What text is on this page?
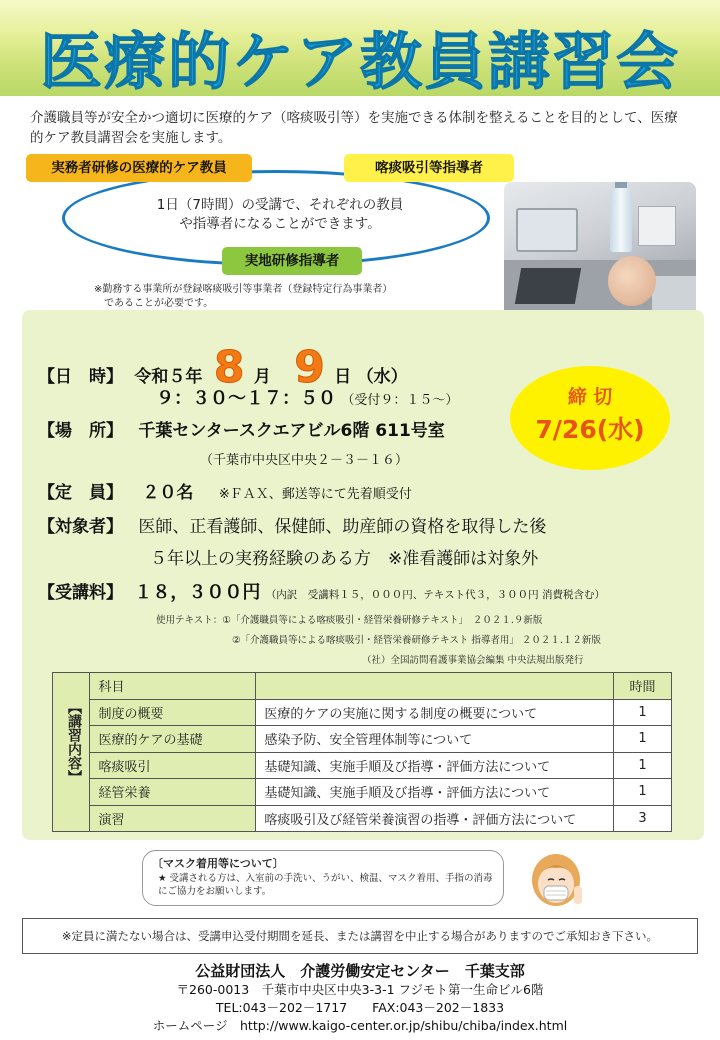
医療的ケア教員講習会
介護職員等が安全かつ適切に医療的ケア（喀痰吸引等）を実施できる体制を整えることを目的として、医療的ケア教員講習会を実施します。
実務者研修の医療的ケア教員	喀痰吸引等指導者
1日（7時間）の受講で、それぞれの教員
や指導者になることができます。
実地研修指導者
※勤務する事業所が登録喀痰吸引等事業者（登録特定行為事業者）
であることが必要です。
【日　時】 令和５年 8 月 9 日 （水）
９：３０～１７：５０ （受付９：１５～）
【場　所】 千葉センタースクエアビル6階 611号室
（千葉市中央区中央２－３－１６）
【定　員】 ２０名 ※ＦＡＸ、郵送等にて先着順受付
【対象者】 医師、正看護師、保健師、助産師の資格を取得した後
５年以上の実務経験のある方　※准看護師は対象外
【受講料】 １８，３００円 （内訳　受講料１５，０００円、テキスト代３，３００円 消費税含む）
締 切
7/26(水)
使用テキスト：①「介護職員等による喀痰吸引・経管栄養研修テキスト」　２０２１.９新版
②「介護職員等による喀痰吸引・経管栄養研修テキスト 指導者用」 ２０２１.１２新版
（社）全国訪問看護事業協会編集 中央法規出版発行
【講習内容】
	科目		時間
	制度の概要	医療的ケアの実施に関する制度の概要について	1
	医療的ケアの基礎	感染予防、安全管理体制等について	1
	喀痰吸引	基礎知識、実施手順及び指導・評価方法について	1
	経管栄養	基礎知識、実施手順及び指導・評価方法について	1
	演習	喀痰吸引及び経管栄養演習の指導・評価方法について	3
〔マスク着用等について〕
★ 受講される方は、入室前の手洗い、うがい、検温、マスク着用、手指の消毒 にご協力をお願いします。
※定員に満たない場合は、受講申込受付期間を延長、または講習を中止する場合がありますのでご承知おき下さい。
公益財団法人　介護労働安定センター　千葉支部
〒260-0013　千葉市中央区中央3-3-1 フジモト第一生命ビル6階
TEL:043－202－1717　　FAX:043－202－1833
ホームページ　http://www.kaigo-center.or.jp/shibu/chiba/index.html
